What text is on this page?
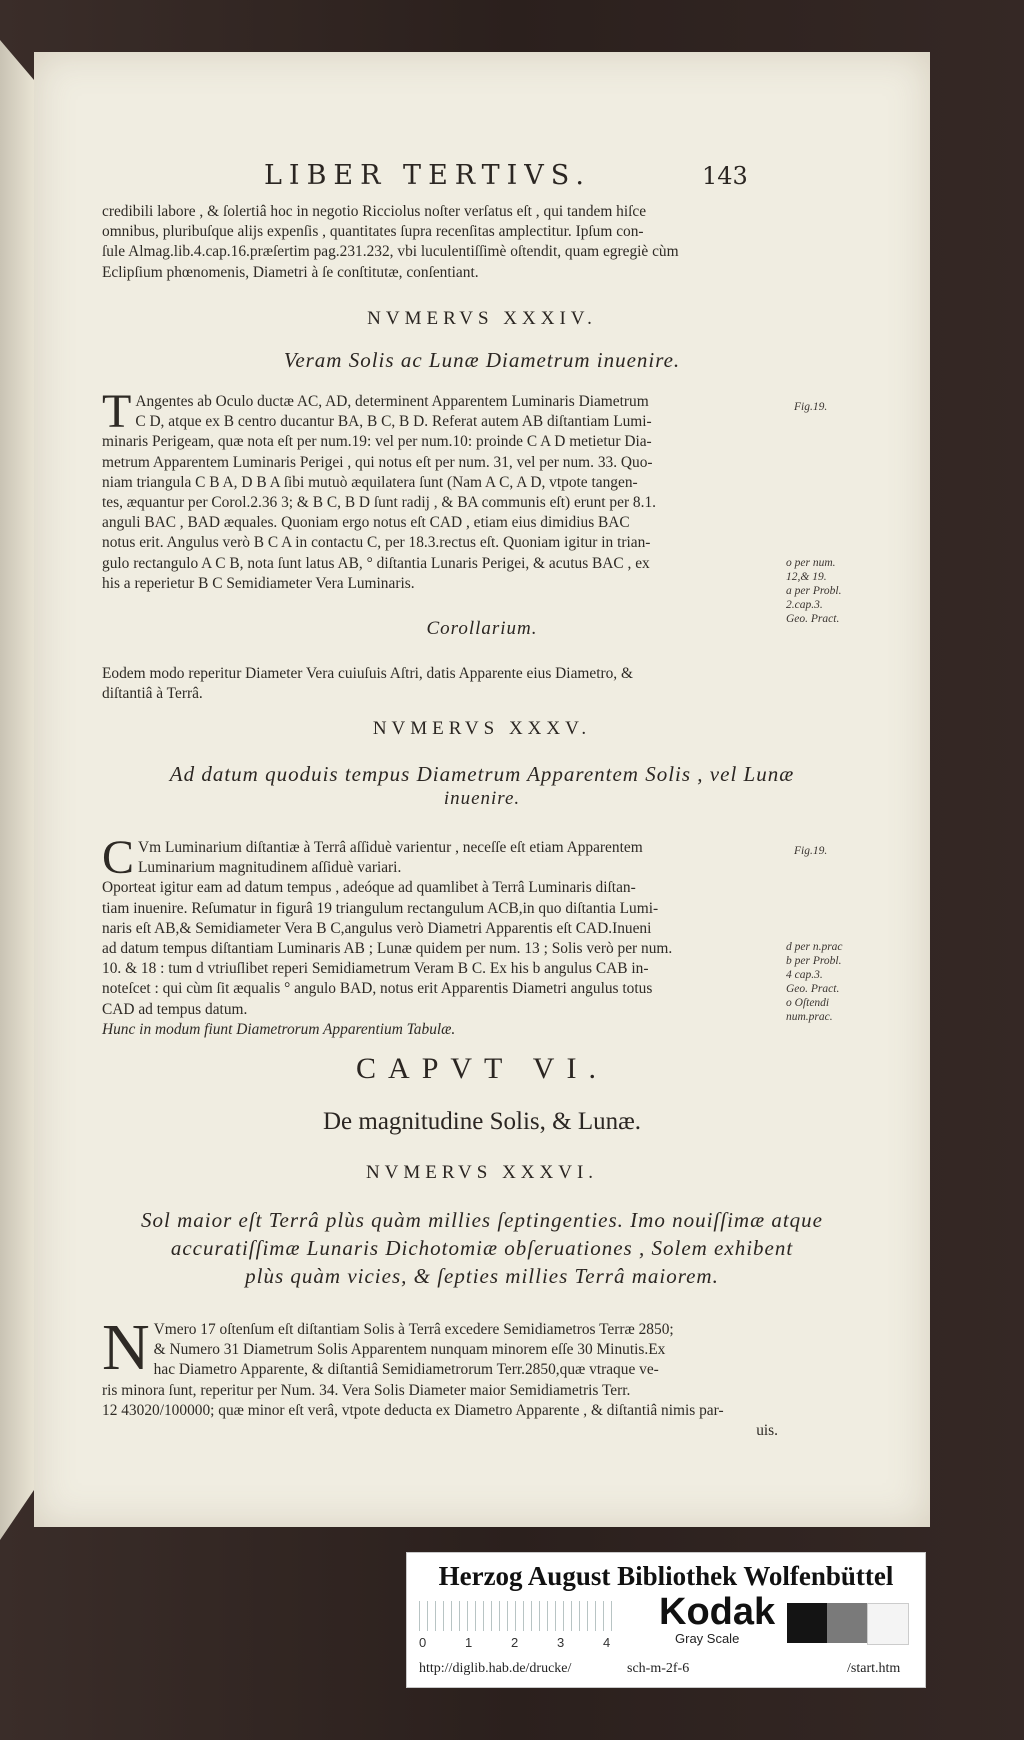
LIBER TERTIVS.	143
credibili labore , & ſolertiâ hoc in negotio Ricciolus noſter verſatus eſt , qui tandem hiſce
omnibus, pluribuſque alijs expenſis , quantitates ſupra recenſitas amplectitur. Ipſum con-
ſule Almag.lib.4.cap.16.præſertim pag.231.232, vbi luculentiſſimè oſtendit, quam egregiè cùm
Eclipſium phœnomenis, Diametri à ſe conſtitutæ, conſentiant.
NVMERVS XXXIV.
Veram Solis ac Lunæ Diametrum inuenire.
T Angentes ab Oculo ductæ AC, AD, determinent Apparentem Luminaris Diametrum
C D, atque ex B centro ducantur BA, B C, B D. Referat autem AB diſtantiam Lumi-
minaris Perigeam, quæ nota eſt per num.19: vel per num.10: proinde C A D metietur Dia-
metrum Apparentem Luminaris Perigei , qui notus eſt per num. 31, vel per num. 33. Quo-
niam triangula C B A, D B A ſibi mutuò æquilatera ſunt (Nam A C, A D, vtpote tangen-
tes, æquantur per Corol.2.36 3; & B C, B D ſunt radij , & BA communis eſt) erunt per 8.1.
anguli BAC , BAD æquales. Quoniam ergo notus eſt CAD , etiam eius dimidius BAC
notus erit. Angulus verò B C A in contactu C, per 18.3.rectus eſt. Quoniam igitur in trian-
gulo rectangulo A C B, nota ſunt latus AB, ° diſtantia Lunaris Perigei, & acutus BAC , ex
his a reperietur B C Semidiameter Vera Luminaris.
Fig.19.
o per num.
12,& 19.
a per Probl.
2.cap.3.
Geo. Pract.
Corollarium.
Eodem modo reperitur Diameter Vera cuiuſuis Aſtri, datis Apparente eius Diametro, &
diſtantiâ à Terrâ.
NVMERVS XXXV.
Ad datum quoduis tempus Diametrum Apparentem Solis , vel Lunæ
inuenire.
C Vm Luminarium diſtantiæ à Terrâ aſſiduè varientur , neceſſe eſt etiam Apparentem
Luminarium magnitudinem aſſiduè variari.
Oporteat igitur eam ad datum tempus , adeóque ad quamlibet à Terrâ Luminaris diſtan-
tiam inuenire. Reſumatur in figurâ 19 triangulum rectangulum ACB,in quo diſtantia Lumi-
naris eſt AB,& Semidiameter Vera B C,angulus verò Diametri Apparentis eſt CAD.Inueni
ad datum tempus diſtantiam Luminaris AB ; Lunæ quidem per num. 13 ; Solis verò per num.
10. & 18 : tum d vtriuſlibet reperi Semidiametrum Veram B C. Ex his b angulus CAB in-
noteſcet : qui cùm ſit æqualis ° angulo BAD, notus erit Apparentis Diametri angulus totus
CAD ad tempus datum.
Hunc in modum fiunt Diametrorum Apparentium Tabulæ.
Fig.19.
d per n.prac
b per Probl.
4 cap.3.
Geo. Pract.
o Oſtendi
num.prac.
CAPVT VI.
De magnitudine Solis, & Lunæ.
NVMERVS XXXVI.
Sol maior eſt Terrâ plùs quàm millies ſeptingenties. Imo nouiſſimæ atque
accuratiſſimæ Lunaris Dichotomiæ obſeruationes , Solem exhibent
plùs quàm vicies, & ſepties millies Terrâ maiorem.
N Vmero 17 oſtenſum eſt diſtantiam Solis à Terrâ excedere Semidiametros Terræ 2850;
& Numero 31 Diametrum Solis Apparentem nunquam minorem eſſe 30 Minutis.Ex
hac Diametro Apparente, & diſtantiâ Semidiametrorum Terr.2850,quæ vtraque ve-
ris minora ſunt, reperitur per Num. 34. Vera Solis Diameter maior Semidiametris Terr.
12 43020/100000; quæ minor eſt verâ, vtpote deducta ex Diametro Apparente , & diſtantiâ nimis par-
uis.
Herzog August Bibliothek Wolfenbüttel
0	1	2	3	4
Kodak
Gray Scale
http://diglib.hab.de/drucke/	sch-m-2f-6	/start.htm
